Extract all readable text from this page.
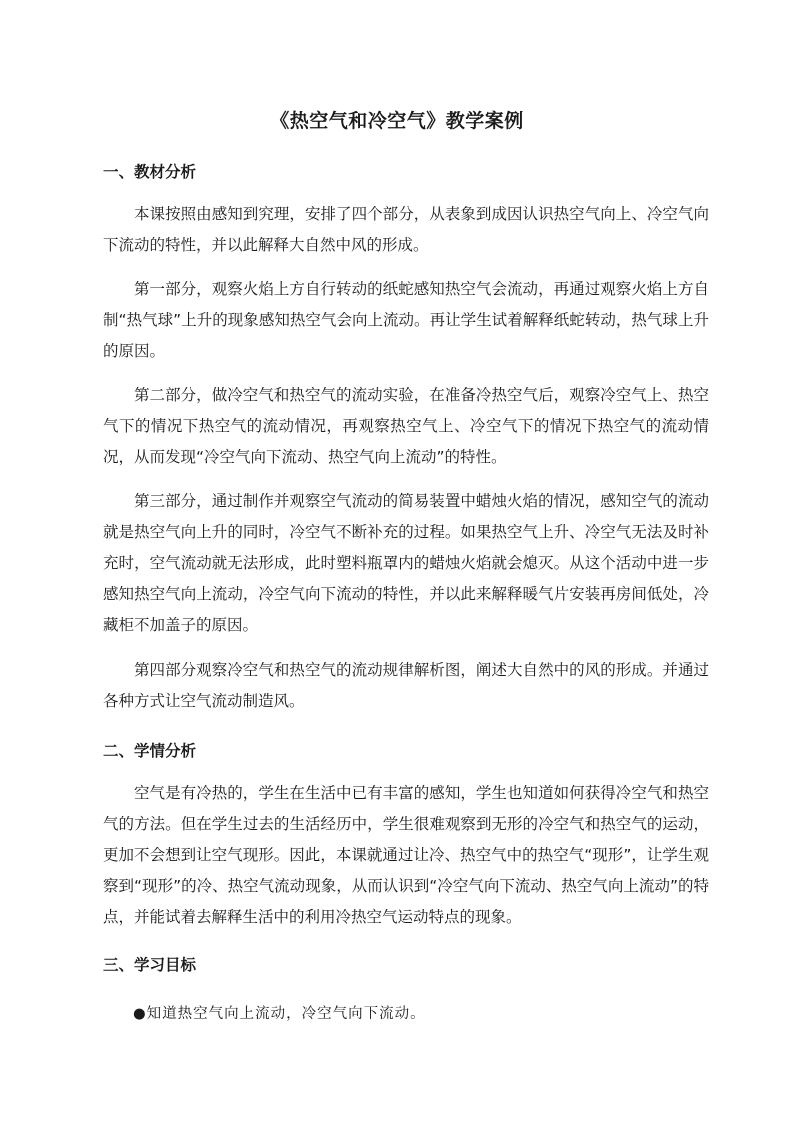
《热空气和冷空气》教学案例
一、教材分析
本课按照由感知到究理，安排了四个部分，从表象到成因认识热空气向上、冷空气向下流动的特性，并以此解释大自然中风的形成。
第一部分，观察火焰上方自行转动的纸蛇感知热空气会流动，再通过观察火焰上方自制“热气球”上升的现象感知热空气会向上流动。再让学生试着解释纸蛇转动，热气球上升的原因。
第二部分，做冷空气和热空气的流动实验，在准备冷热空气后，观察冷空气上、热空气下的情况下热空气的流动情况，再观察热空气上、冷空气下的情况下热空气的流动情况，从而发现“冷空气向下流动、热空气向上流动”的特性。
第三部分，通过制作并观察空气流动的简易装置中蜡烛火焰的情况，感知空气的流动就是热空气向上升的同时，冷空气不断补充的过程。如果热空气上升、冷空气无法及时补充时，空气流动就无法形成，此时塑料瓶罩内的蜡烛火焰就会熄灭。从这个活动中进一步感知热空气向上流动，冷空气向下流动的特性，并以此来解释暖气片安装再房间低处，冷藏柜不加盖子的原因。
第四部分观察冷空气和热空气的流动规律解析图，阐述大自然中的风的形成。并通过各种方式让空气流动制造风。
二、学情分析
空气是有冷热的，学生在生活中已有丰富的感知，学生也知道如何获得冷空气和热空气的方法。但在学生过去的生活经历中，学生很难观察到无形的冷空气和热空气的运动，更加不会想到让空气现形。因此，本课就通过让冷、热空气中的热空气“现形”，让学生观察到“现形”的冷、热空气流动现象，从而认识到“冷空气向下流动、热空气向上流动”的特点，并能试着去解释生活中的利用冷热空气运动特点的现象。
三、学习目标
●知道热空气向上流动，冷空气向下流动。
